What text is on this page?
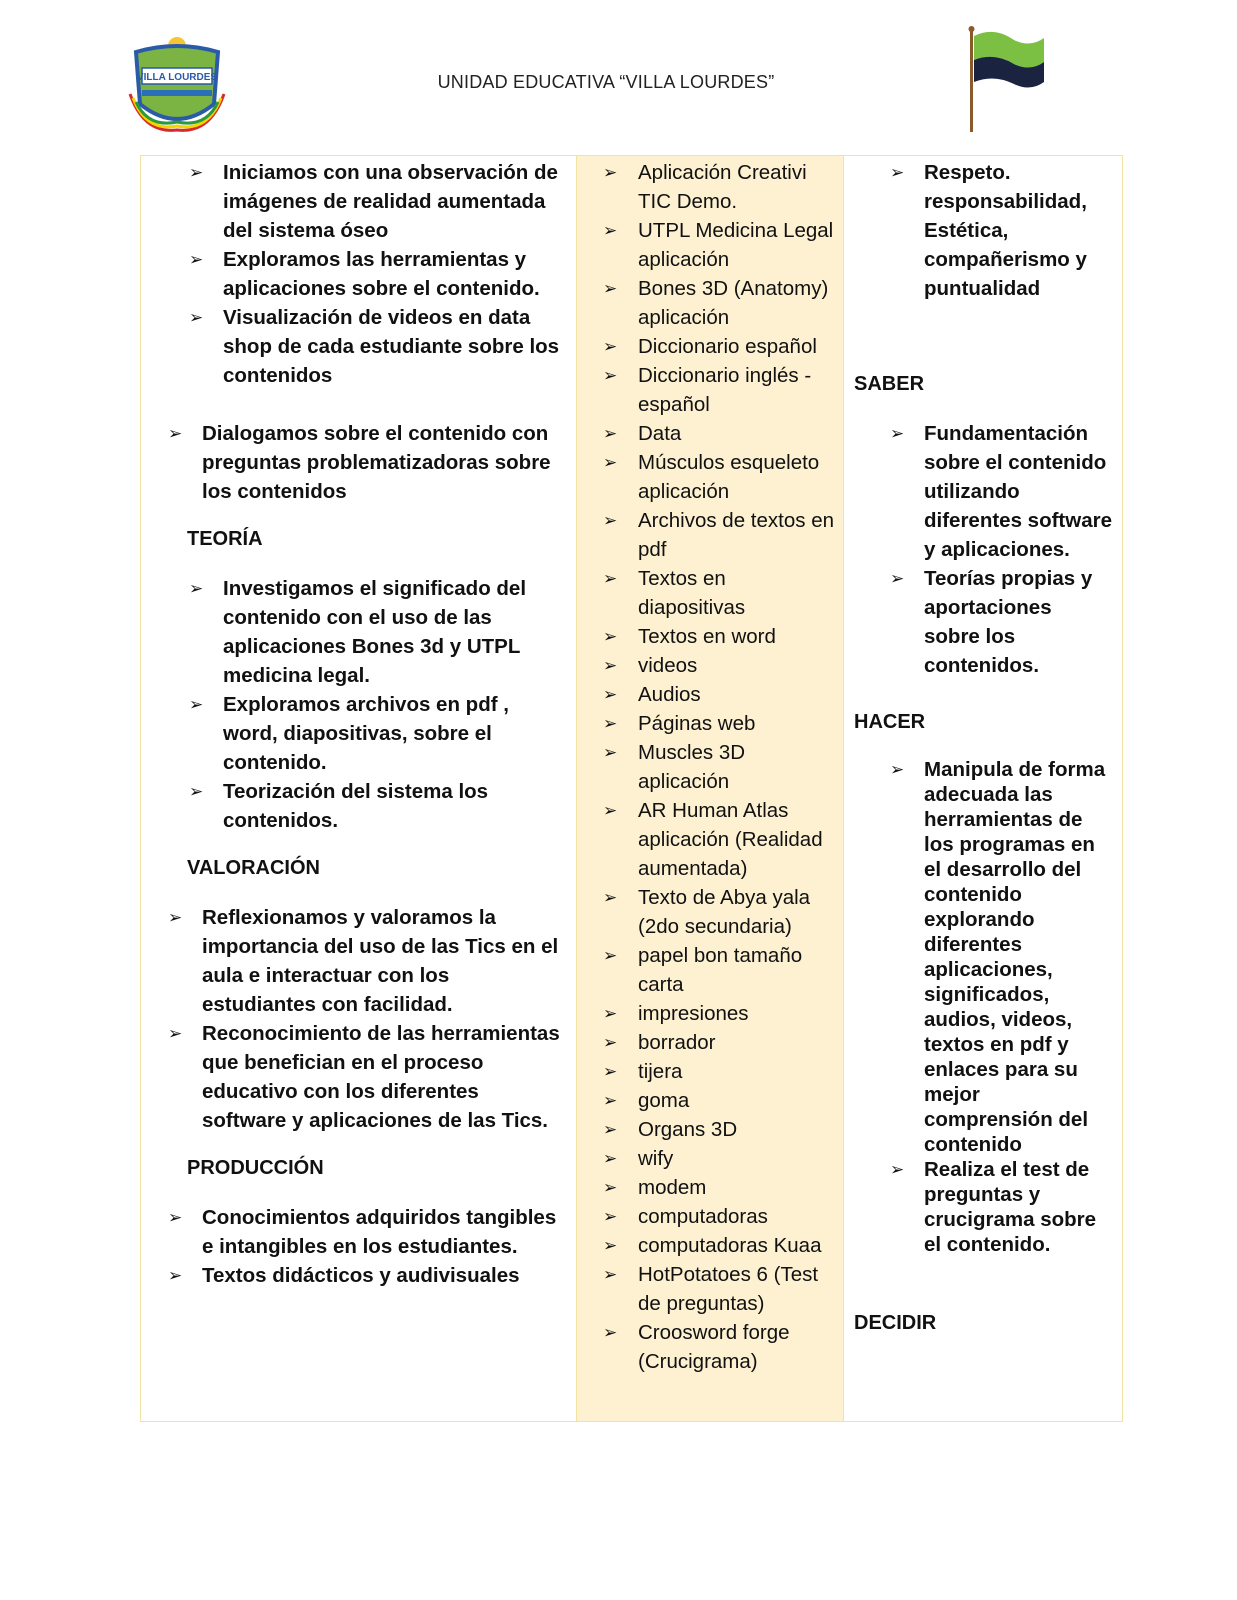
VILLA LOURDES	UNIDAD EDUCATIVA “VILLA LOURDES”
➢ Iniciamos con una observación de imágenes de realidad aumentada del sistema óseo
➢ Exploramos las herramientas y aplicaciones sobre el contenido.
➢ Visualización de videos en data shop de cada estudiante sobre los contenidos
➢ Dialogamos sobre el contenido con preguntas problematizadoras sobre los contenidos
TEORÍA
➢ Investigamos el significado del contenido con el uso de las aplicaciones Bones 3d y UTPL medicina legal.
➢ Exploramos archivos en pdf , word, diapositivas, sobre el contenido.
➢ Teorización del sistema los contenidos.
VALORACIÓN
➢ Reflexionamos y valoramos la importancia del uso de las Tics en el aula e interactuar con los estudiantes con facilidad.
➢ Reconocimiento de las herramientas que benefician en el proceso educativo con los diferentes software y aplicaciones de las Tics.
PRODUCCIÓN
➢ Conocimientos adquiridos tangibles e intangibles en los estudiantes.
➢ Textos didácticos y audivisuales
➢ Aplicación Creativi TIC Demo.
➢ UTPL Medicina Legal aplicación
➢ Bones 3D (Anatomy) aplicación
➢ Diccionario español
➢ Diccionario inglés - español
➢ Data
➢ Músculos esqueleto aplicación
➢ Archivos de textos en pdf
➢ Textos en diapositivas
➢ Textos en word
➢ videos
➢ Audios
➢ Páginas web
➢ Muscles 3D aplicación
➢ AR Human Atlas aplicación (Realidad aumentada)
➢ Texto de Abya yala (2do secundaria)
➢ papel bon tamaño carta
➢ impresiones
➢ borrador
➢ tijera
➢ goma
➢ Organs 3D
➢ wify
➢ modem
➢ computadoras
➢ computadoras Kuaa
➢ HotPotatoes 6 (Test de preguntas)
➢ Croosword forge (Crucigrama)
➢ Respeto. responsabilidad, Estética, compañerismo y puntualidad
SABER
➢ Fundamentación sobre el contenido utilizando diferentes software y aplicaciones.
➢ Teorías propias y aportaciones sobre los contenidos.
HACER
➢ Manipula de forma adecuada las herramientas de los programas en el desarrollo del contenido explorando diferentes aplicaciones, significados, audios, videos, textos en pdf y enlaces para su mejor comprensión del contenido
➢ Realiza el test de preguntas y crucigrama sobre el contenido.
DECIDIR
